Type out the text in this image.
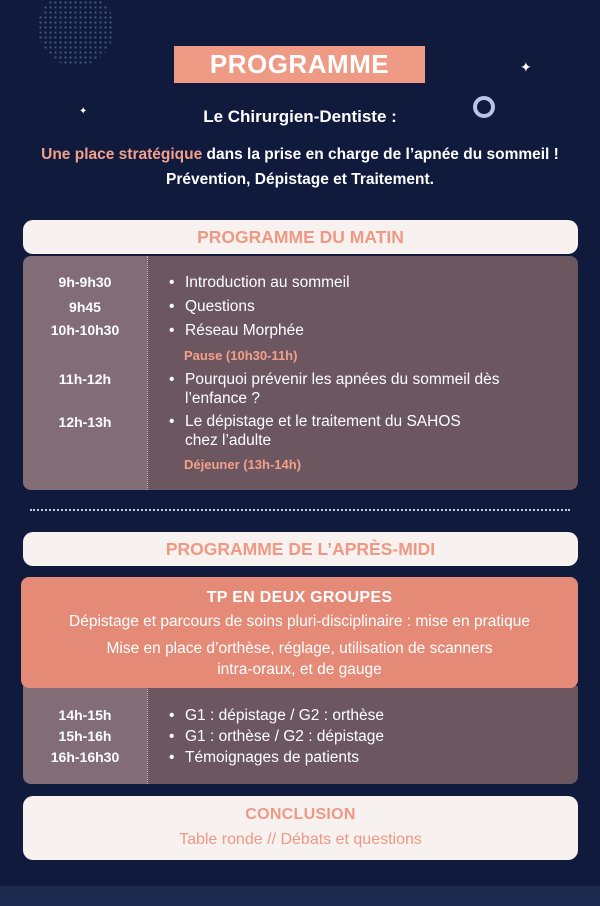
✦
✦
PROGRAMME
Le Chirurgien-Dentiste :
Une place stratégique dans la prise en charge de l’apnée du sommeil !
Prévention, Dépistage et Traitement.
PROGRAMME DU MATIN
9h-9h30	• Introduction au sommeil
9h45	• Questions
10h-10h30	• Réseau Morphée
Pause (10h30-11h)
11h-12h	• Pourquoi prévenir les apnées du sommeil dès
l’enfance ?
12h-13h	• Le dépistage et le traitement du SAHOS
chez l’adulte
Déjeuner (13h-14h)
PROGRAMME DE L’APRÈS-MIDI
14h-15h	• G1 : dépistage / G2 : orthèse
15h-16h	• G1 : orthèse / G2 : dépistage
16h-16h30	• Témoignages de patients
TP EN DEUX GROUPES
Dépistage et parcours de soins pluri-disciplinaire : mise en pratique
Mise en place d’orthèse, réglage, utilisation de scanners
intra-oraux, et de gauge
CONCLUSION
Table ronde // Débats et questions
